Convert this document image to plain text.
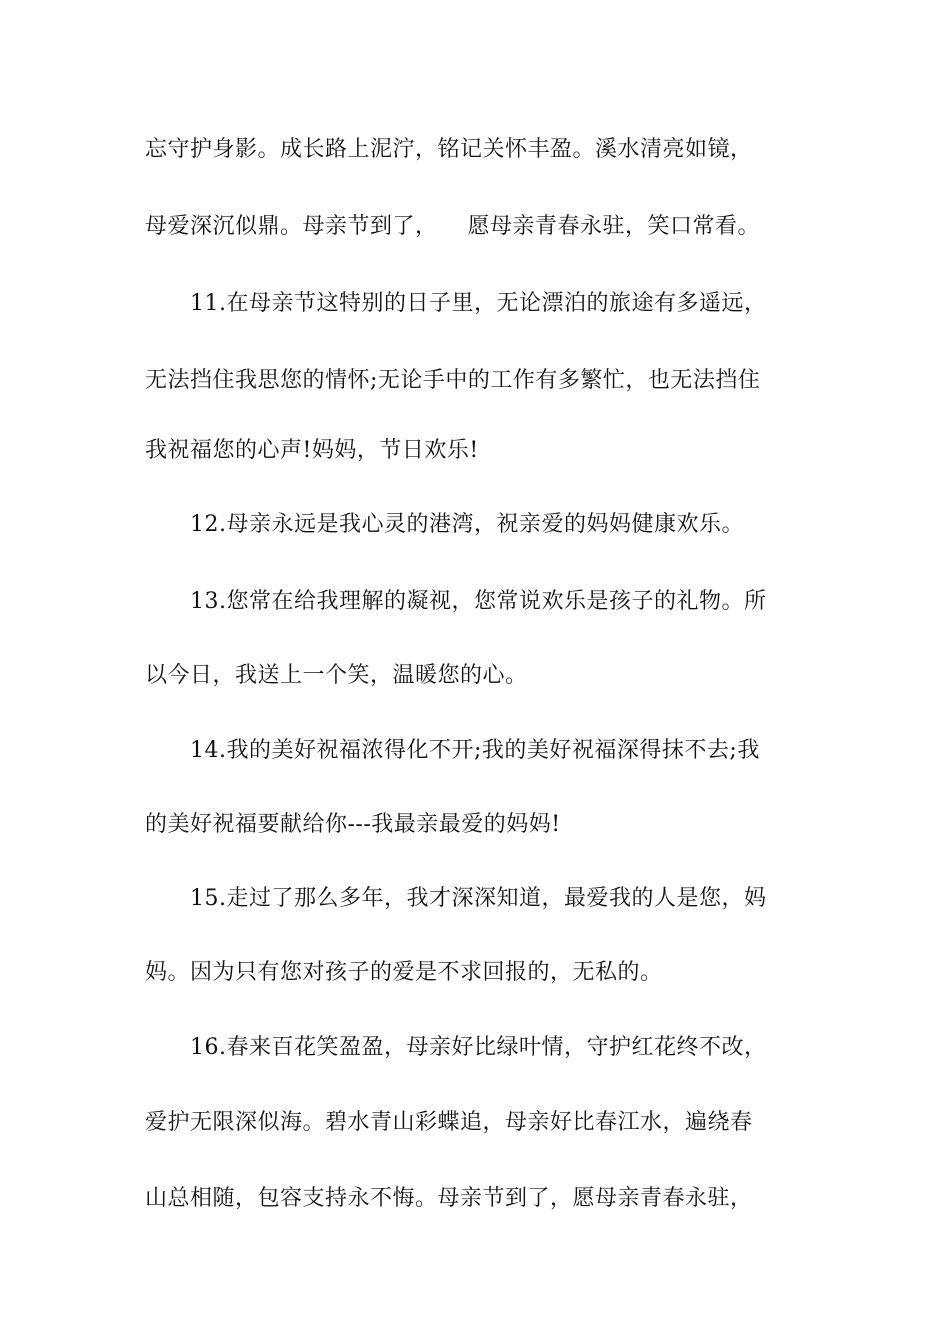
忘守护身影。成长路上泥泞，铭记关怀丰盈。溪水清亮如镜，
母爱深沉似鼎。母亲节到了，    愿母亲青春永驻，笑口常看。
11.在母亲节这特别的日子里，无论漂泊的旅途有多遥远，
无法挡住我思您的情怀;无论手中的工作有多繁忙，也无法挡住
我祝福您的心声!妈妈，节日欢乐!
12.母亲永远是我心灵的港湾，祝亲爱的妈妈健康欢乐。
13.您常在给我理解的凝视，您常说欢乐是孩子的礼物。所
以今日，我送上一个笑，温暖您的心。
14.我的美好祝福浓得化不开;我的美好祝福深得抹不去;我
的美好祝福要献给你---我最亲最爱的妈妈!
15.走过了那么多年，我才深深知道，最爱我的人是您，妈
妈。因为只有您对孩子的爱是不求回报的，无私的。
16.春来百花笑盈盈，母亲好比绿叶情，守护红花终不改，
爱护无限深似海。碧水青山彩蝶追，母亲好比春江水，遍绕春
山总相随，包容支持永不悔。母亲节到了，愿母亲青春永驻，
